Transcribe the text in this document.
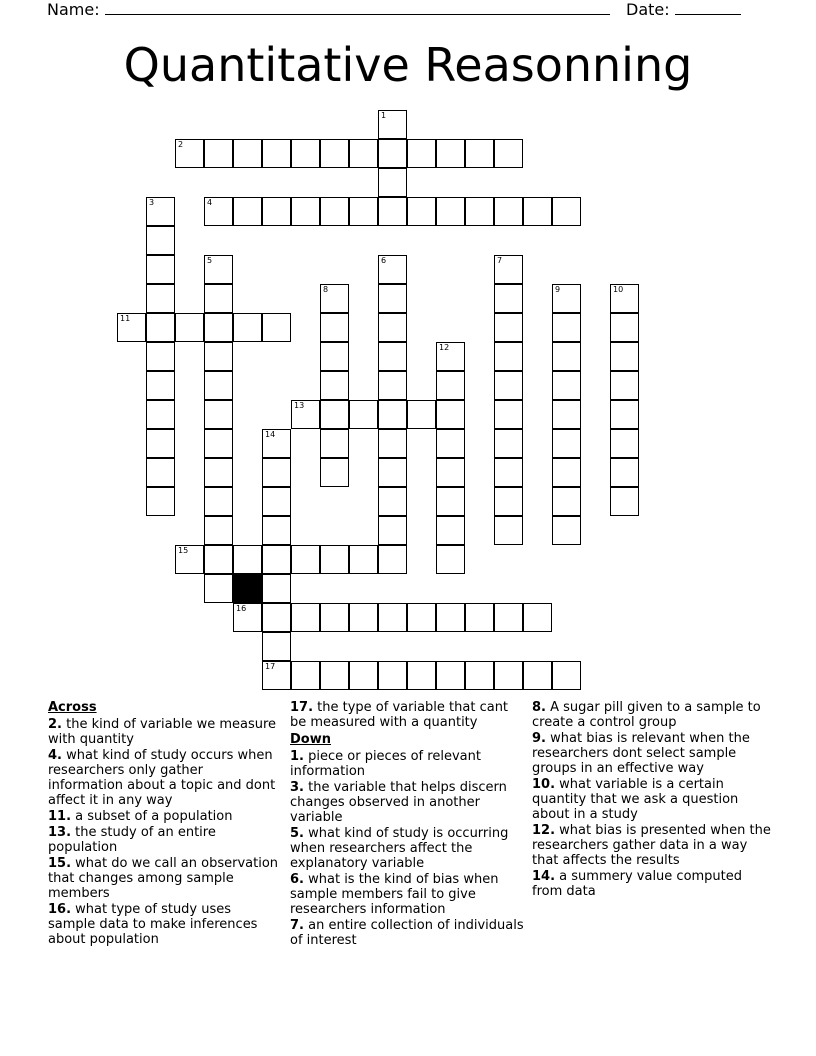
Name:	Date:
Quantitative Reasonning
1
2
3	4
5	6	7
8	9	10
11
12
13
14
17
15
16
Across
2. the kind of variable we measure with quantity
4. what kind of study occurs when researchers only gather information about a topic and dont affect it in any way
11. a subset of a population
13. the study of an entire population
15. what do we call an observation that changes among sample members
16. what type of study uses sample data to make inferences about population
17. the type of variable that cant be measured with a quantity
Down
1. piece or pieces of relevant information
3. the variable that helps discern changes observed in another variable
5. what kind of study is occurring when researchers affect the explanatory variable
6. what is the kind of bias when sample members fail to give researchers information
7. an entire collection of individuals of interest
8. A sugar pill given to a sample to create a control group
9. what bias is relevant when the researchers dont select sample groups in an effective way
10. what variable is a certain quantity that we ask a question about in a study
12. what bias is presented when the researchers gather data in a way that affects the results
14. a summery value computed from data
